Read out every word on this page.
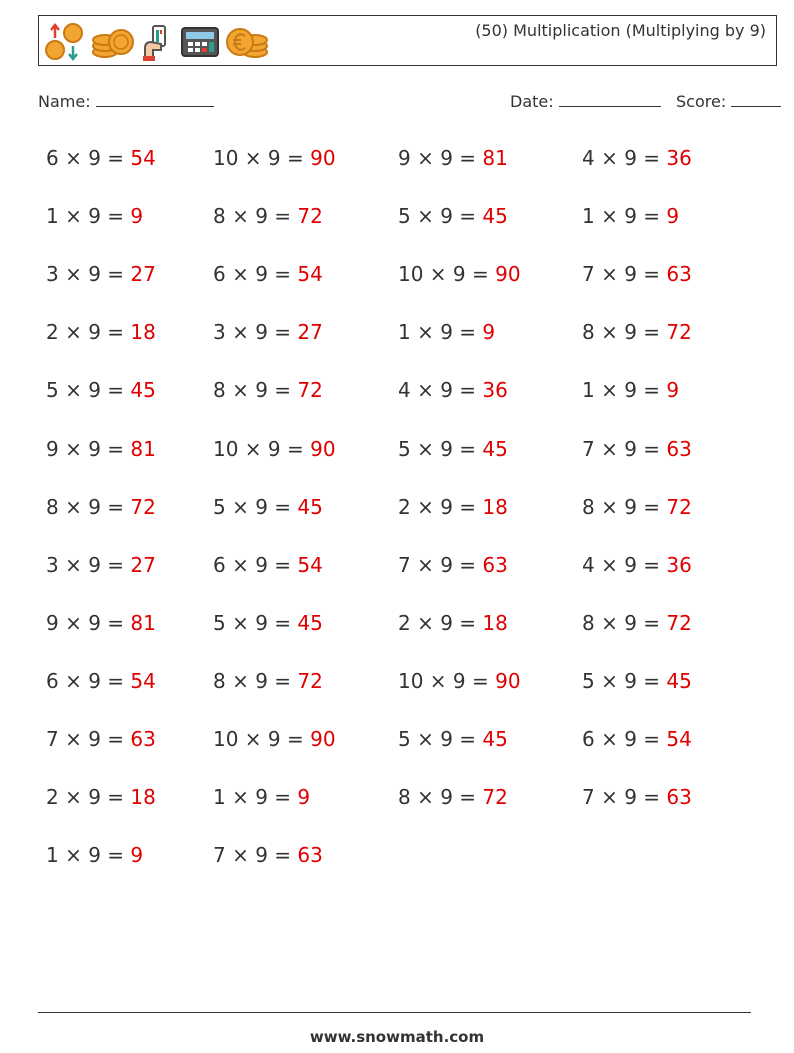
(50) Multiplication (Multiplying by 9)
Name:	Date:	Score:
6 × 9 = 54	10 × 9 = 90	9 × 9 = 81	4 × 9 = 36
1 × 9 = 9	8 × 9 = 72	5 × 9 = 45	1 × 9 = 9
3 × 9 = 27	6 × 9 = 54	10 × 9 = 90	7 × 9 = 63
2 × 9 = 18	3 × 9 = 27	1 × 9 = 9	8 × 9 = 72
5 × 9 = 45	8 × 9 = 72	4 × 9 = 36	1 × 9 = 9
9 × 9 = 81	10 × 9 = 90	5 × 9 = 45	7 × 9 = 63
8 × 9 = 72	5 × 9 = 45	2 × 9 = 18	8 × 9 = 72
3 × 9 = 27	6 × 9 = 54	7 × 9 = 63	4 × 9 = 36
9 × 9 = 81	5 × 9 = 45	2 × 9 = 18	8 × 9 = 72
6 × 9 = 54	8 × 9 = 72	10 × 9 = 90	5 × 9 = 45
7 × 9 = 63	10 × 9 = 90	5 × 9 = 45	6 × 9 = 54
2 × 9 = 18	1 × 9 = 9	8 × 9 = 72	7 × 9 = 63
1 × 9 = 9	7 × 9 = 63
www.snowmath.com
